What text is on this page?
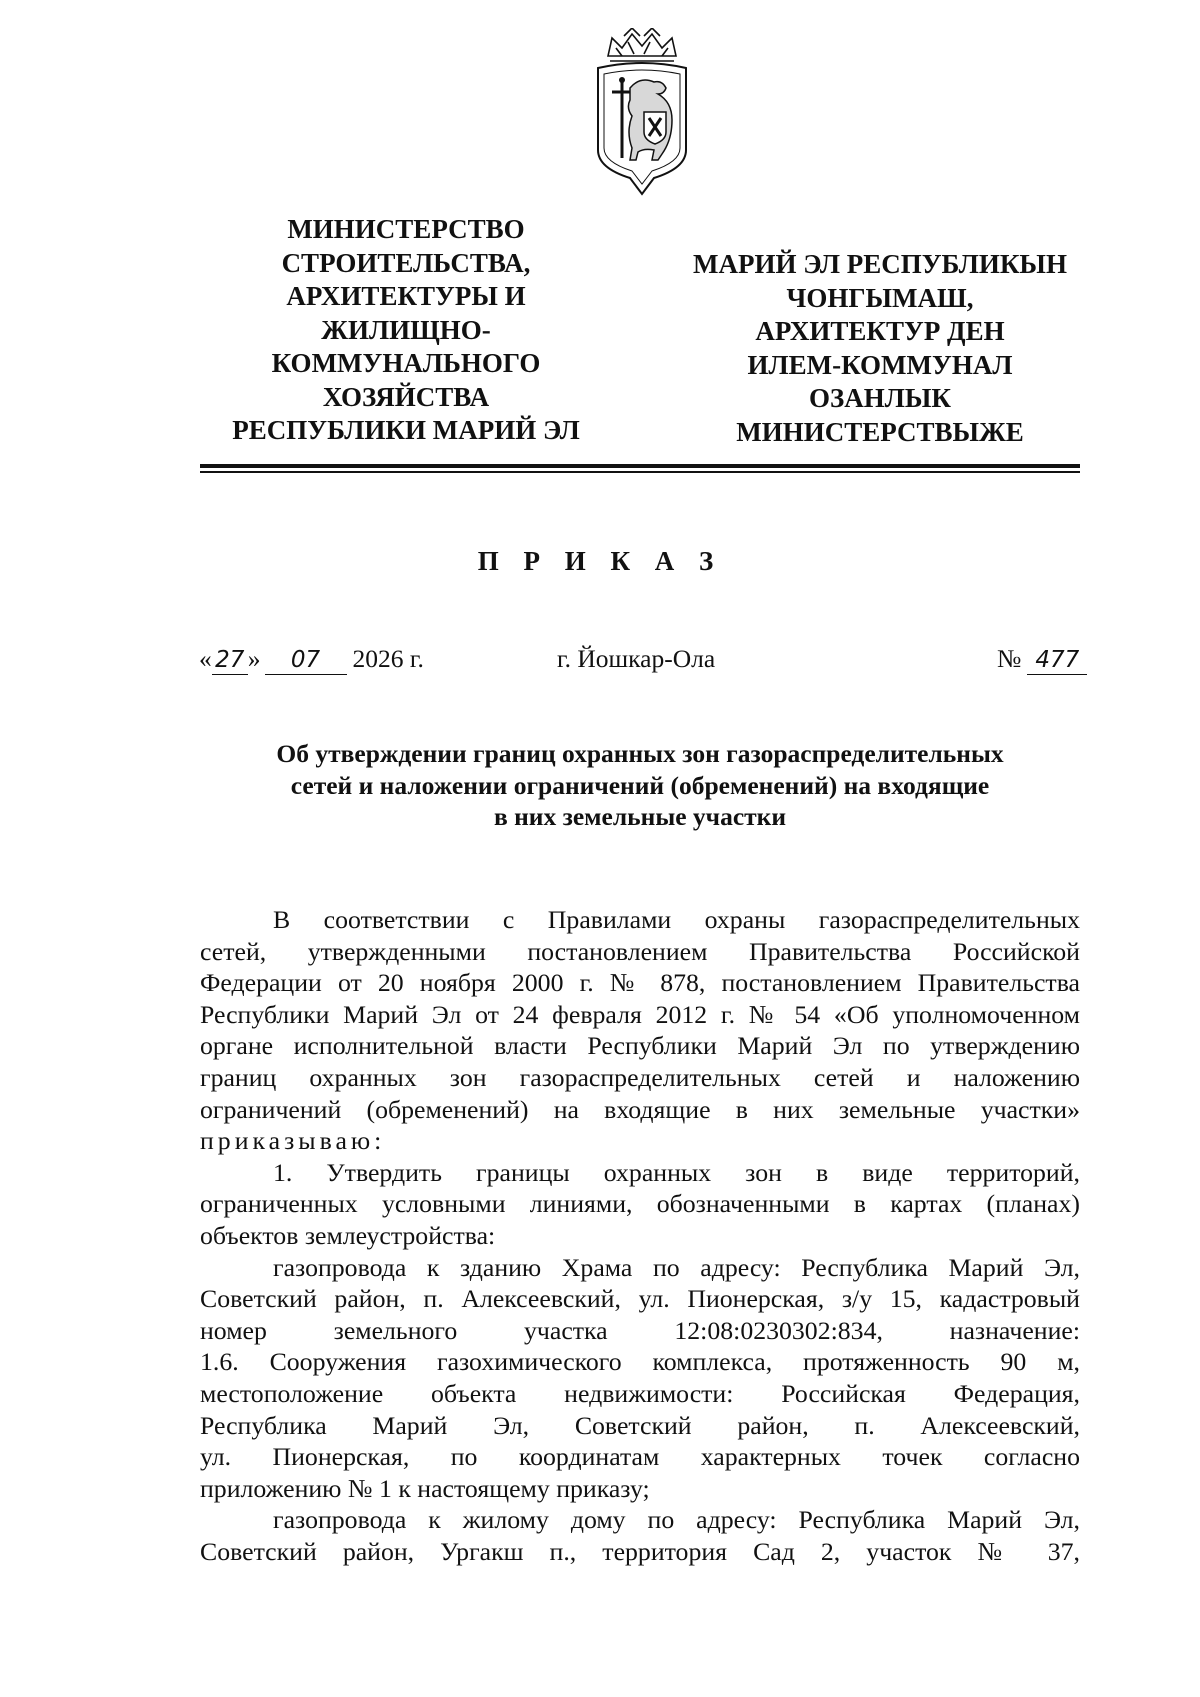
МИНИСТЕРСТВО
СТРОИТЕЛЬСТВА,
АРХИТЕКТУРЫ И
ЖИЛИЩНО-
КОММУНАЛЬНОГО
ХОЗЯЙСТВА
РЕСПУБЛИКИ МАРИЙ ЭЛ
МАРИЙ ЭЛ РЕСПУБЛИКЫН
ЧОНГЫМАШ,
АРХИТЕКТУР ДЕН
ИЛЕМ-КОММУНАЛ
ОЗАНЛЫК
МИНИСТЕРСТВЫЖЕ
П Р И К А З
« 27 » 07 2026 г.	г. Йошкар-Ола	№ 477
Об утверждении границ охранных зон газораспределительных
сетей и наложении ограничений (обременений) на входящие
в них земельные участки
В соответствии с Правилами охраны газораспределительных
сетей, утвержденными постановлением Правительства Российской
Федерации от 20 ноября 2000 г. № 878, постановлением Правительства
Республики Марий Эл от 24 февраля 2012 г. № 54 «Об уполномоченном
органе исполнительной власти Республики Марий Эл по утверждению
границ охранных зон газораспределительных сетей и наложению
ограничений (обременений) на входящие в них земельные участки»
приказываю:
1. Утвердить границы охранных зон в виде территорий,
ограниченных условными линиями, обозначенными в картах (планах)
объектов землеустройства:
газопровода к зданию Храма по адресу: Республика Марий Эл,
Советский район, п. Алексеевский, ул. Пионерская, з/у 15, кадастровый
номер земельного участка 12:08:0230302:834, назначение:
1.6. Сооружения газохимического комплекса, протяженность 90 м,
местоположение объекта недвижимости: Российская Федерация,
Республика Марий Эл, Советский район, п. Алексеевский,
ул. Пионерская, по координатам характерных точек согласно
приложению № 1 к настоящему приказу;
газопровода к жилому дому по адресу: Республика Марий Эл,
Советский район, Ургакш п., территория Сад 2, участок № 37,
